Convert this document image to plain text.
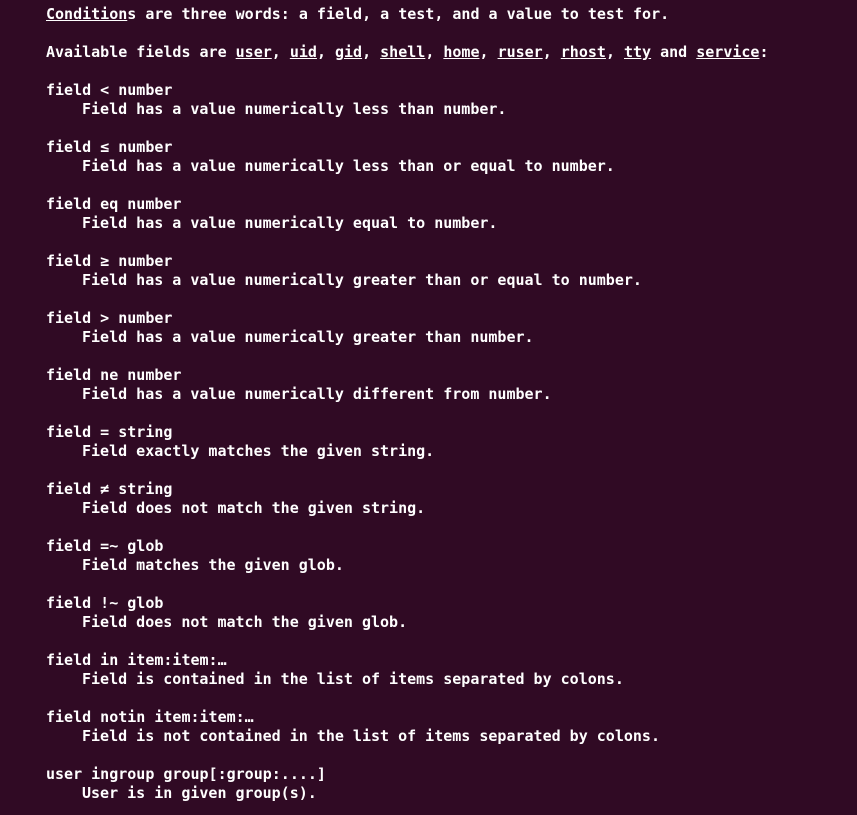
Conditions are three words: a field, a test, and a value to test for.
Available fields are user, uid, gid, shell, home, ruser, rhost, tty and service:
field < number
Field has a value numerically less than number.
field ≤ number
Field has a value numerically less than or equal to number.
field eq number
Field has a value numerically equal to number.
field ≥ number
Field has a value numerically greater than or equal to number.
field > number
Field has a value numerically greater than number.
field ne number
Field has a value numerically different from number.
field = string
Field exactly matches the given string.
field ≠ string
Field does not match the given string.
field =~ glob
Field matches the given glob.
field !~ glob
Field does not match the given glob.
field in item:item:…
Field is contained in the list of items separated by colons.
field notin item:item:…
Field is not contained in the list of items separated by colons.
user ingroup group[:group:....]
User is in given group(s).
